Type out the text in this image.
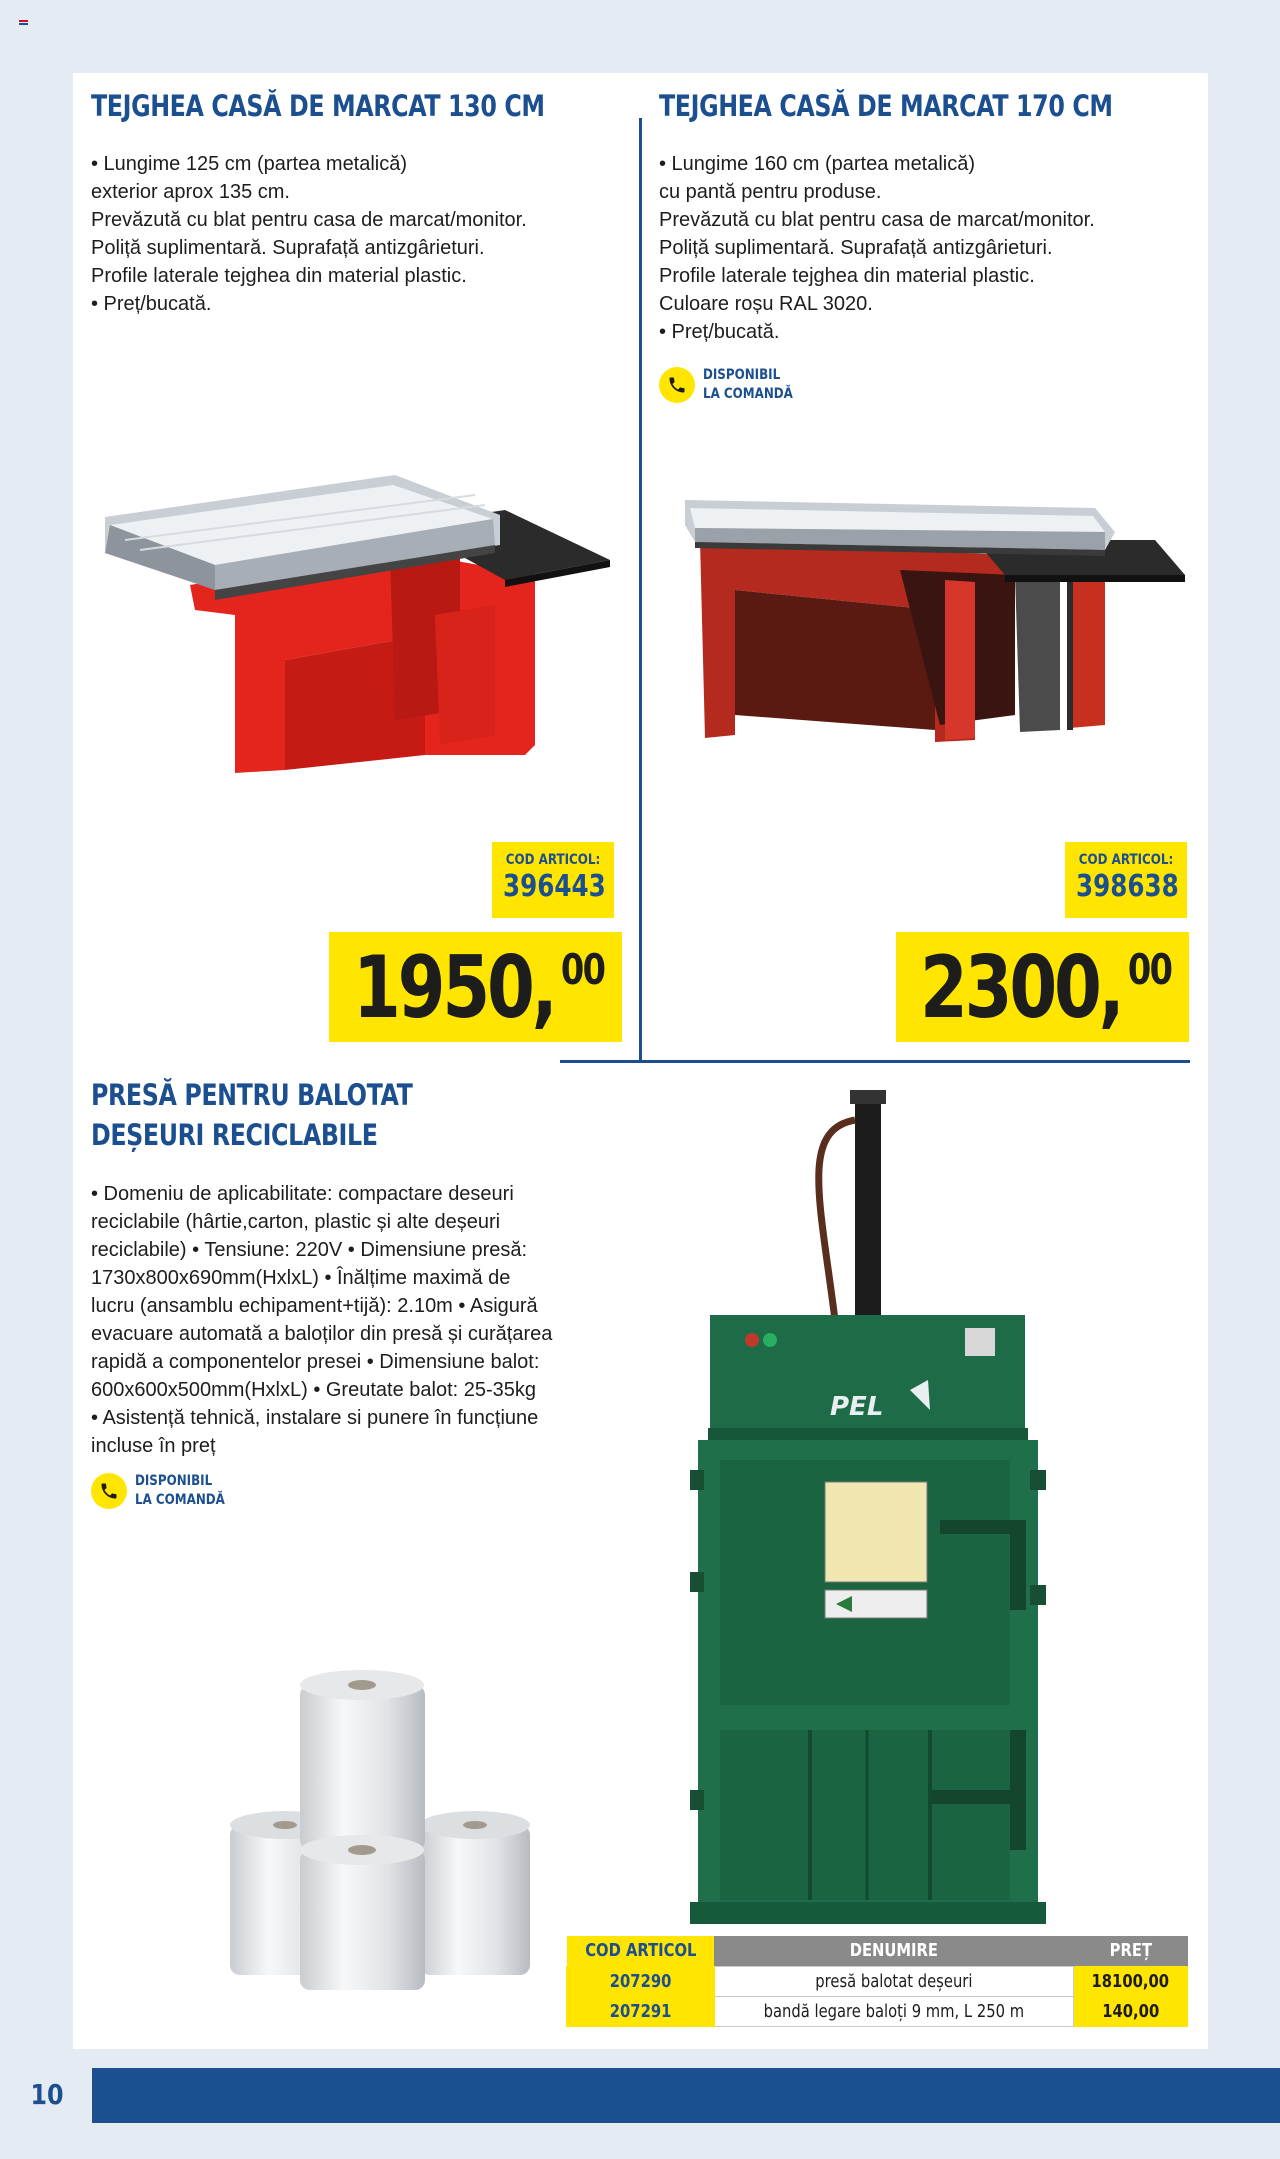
TEJGHEA CASĂ DE MARCAT 130 CM

• Lungime 125 cm (partea metalică)

exterior aprox 135 cm.

Prevăzută cu blat pentru casa de marcat/monitor.

Poliță suplimentară. Suprafață antizgârieturi.

Profile laterale tejghea din material plastic.

• Preț/bucată.

COD ARTICOL:
396443
1950, 00
TEJGHEA CASĂ DE MARCAT 170 CM

• Lungime 160 cm (partea metalică)

cu pantă pentru produse.

Prevăzută cu blat pentru casa de marcat/monitor.

Poliță suplimentară. Suprafață antizgârieturi.

Profile laterale tejghea din material plastic.

Culoare roșu RAL 3020.

• Preț/bucată.

DISPONIBIL
LA COMANDĂ
COD ARTICOL:
398638
2300, 00
PRESĂ PENTRU BALOTAT
DEȘEURI RECICLABILE

• Domeniu de aplicabilitate: compactare deseuri

reciclabile (hârtie,carton, plastic și alte deșeuri

reciclabile) • Tensiune: 220V • Dimensiune presă:

1730x800x690mm(HxlxL) • Înălțime maximă de

lucru (ansamblu echipament+tijă): 2.10m • Asigură

evacuare automată a baloților din presă și curățarea

rapidă a componentelor presei • Dimensiune balot:

600x600x500mm(HxlxL) • Greutate balot: 25-35kg

• Asistență tehnică, instalare si punere în funcțiune

incluse în preț

DISPONIBIL
LA COMANDĂ
PEL
COD ARTICOL	DENUMIRE	PREȚ
207290	presă balotat deșeuri	18100,00
207291	bandă legare baloți 9 mm, L 250 m	140,00
10
